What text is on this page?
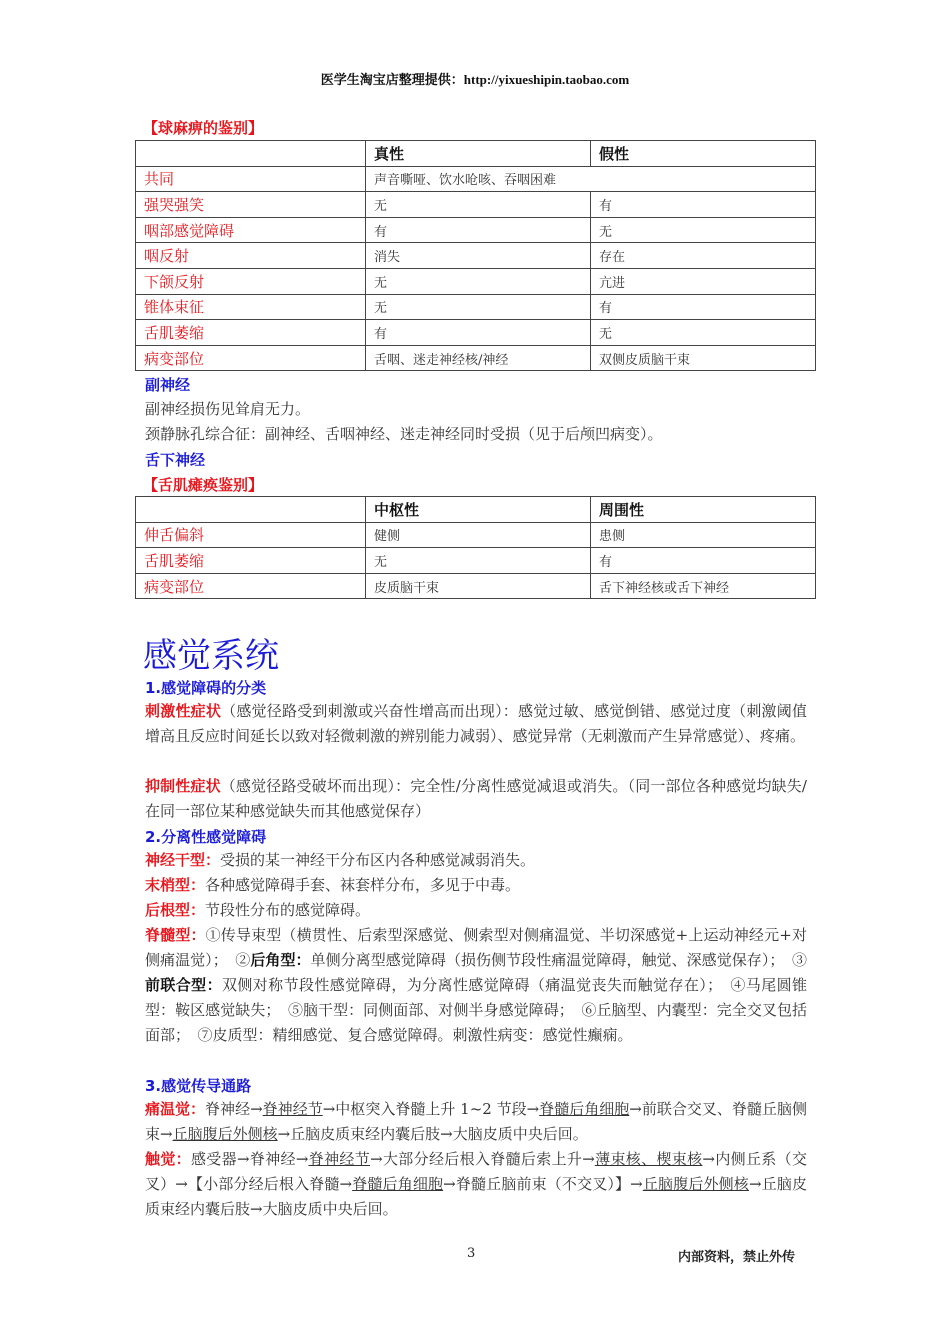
医学生淘宝店整理提供：http://yixueshipin.taobao.com
【球麻痹的鉴别】
	真性	假性
共同	声音嘶哑、饮水呛咳、吞咽困难	
强哭强笑	无	有
咽部感觉障碍	有	无
咽反射	消失	存在
下颌反射	无	亢进
锥体束征	无	有
舌肌萎缩	有	无
病变部位	舌咽、迷走神经核/神经	双侧皮质脑干束
副神经
副神经损伤见耸肩无力。
颈静脉孔综合征：副神经、舌咽神经、迷走神经同时受损（见于后颅凹病变）。
舌下神经
【舌肌瘫痪鉴别】
	中枢性	周围性
伸舌偏斜	健侧	患侧
舌肌萎缩	无	有
病变部位	皮质脑干束	舌下神经核或舌下神经
感觉系统
1.感觉障碍的分类
刺激性症状（感觉径路受到刺激或兴奋性增高而出现）：感觉过敏、感觉倒错、感觉过度（刺激阈值增高且反应时间延长以致对轻微刺激的辨别能力减弱）、感觉异常（无刺激而产生异常感觉）、疼痛。
抑制性症状（感觉径路受破坏而出现）：完全性/分离性感觉减退或消失。（同一部位各种感觉均缺失/在同一部位某种感觉缺失而其他感觉保存）
2.分离性感觉障碍
神经干型：受损的某一神经干分布区内各种感觉减弱消失。
末梢型：各种感觉障碍手套、袜套样分布，多见于中毒。
后根型：节段性分布的感觉障碍。
脊髓型：①传导束型（横贯性、后索型深感觉、侧索型对侧痛温觉、半切深感觉+上运动神经元+对侧痛温觉）；　②后角型：单侧分离型感觉障碍（损伤侧节段性痛温觉障碍，触觉、深感觉保存）；　③前联合型：双侧对称节段性感觉障碍，为分离性感觉障碍（痛温觉丧失而触觉存在）；　④马尾圆锥型：鞍区感觉缺失；　⑤脑干型：同侧面部、对侧半身感觉障碍；　⑥丘脑型、内囊型：完全交叉包括面部；　⑦皮质型：精细感觉、复合感觉障碍。刺激性病变：感觉性癫痫。
3.感觉传导通路
痛温觉：脊神经→脊神经节→中枢突入脊髓上升 1~2 节段→脊髓后角细胞→前联合交叉、脊髓丘脑侧束→丘脑腹后外侧核→丘脑皮质束经内囊后肢→大脑皮质中央后回。
触觉：感受器→脊神经→脊神经节→大部分经后根入脊髓后索上升→薄束核、楔束核→内侧丘系（交叉）→【小部分经后根入脊髓→脊髓后角细胞→脊髓丘脑前束（不交叉）】→丘脑腹后外侧核→丘脑皮质束经内囊后肢→大脑皮质中央后回。
3	内部资料，禁止外传
